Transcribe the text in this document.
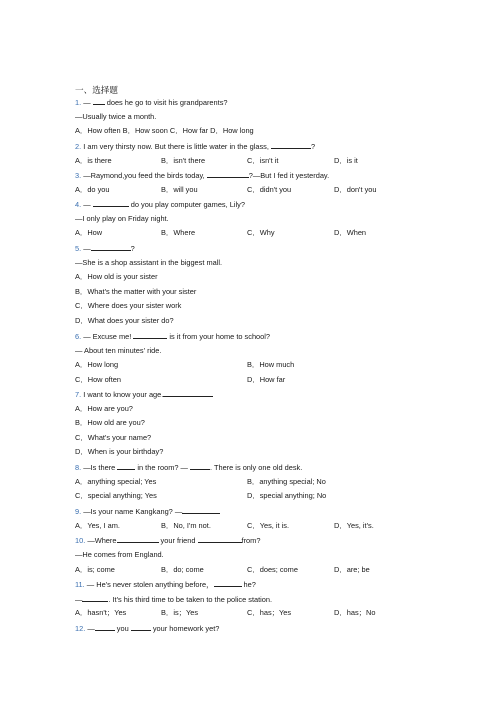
一、选择题
1. —  does he go to visit his grandparents?
—Usually twice a month.
A．How often B．How soon C．How far D．How long
2. I am very thirsty now. But there is little water in the glass,	?
A．is there	B．isn't there	C．isn't it	D．is it
3. —Raymond,you feed the birds today,	?—But I fed it yesterday.
A．do you	B．will you	C．didn't you	D．don't you
4. —	do you play computer games, Lily?
—I only play on Friday night.
A．How	B．Where	C．Why	D．When
5. —	?
—She is a shop assistant in the biggest mall.
A．How old is your sister
B．What's the matter with your sister
C．Where does your sister work
D．What does your sister do?
6. — Excuse me!	is it from your home to school?
— About ten minutes' ride.
A．How long	B．How much
C．How often	D．How far
7. I want to know your age.
A．How are you?
B．How old are you?
C．What's your name?
D．When is your birthday?
8. —Is there  in the room? —	. There is only one old desk.
A．anything special; Yes	B．anything special; No
C．special anything; Yes	D．special anything; No
9. —Is your name Kangkang? —
A．Yes, I am.	B．No, I'm not.	C．Yes, it is.	D．Yes, it's.
10. —Where	your friend	from?
—He comes from England.
A．is; come	B．do; come	C．does; come	D．are; be
11. — He's never stolen anything before，	he?
—	. It's his third time to be taken to the police station.
A．hasn't；Yes	B．is；Yes	C．has；Yes	D．has；No
12. —	you	your homework yet?
